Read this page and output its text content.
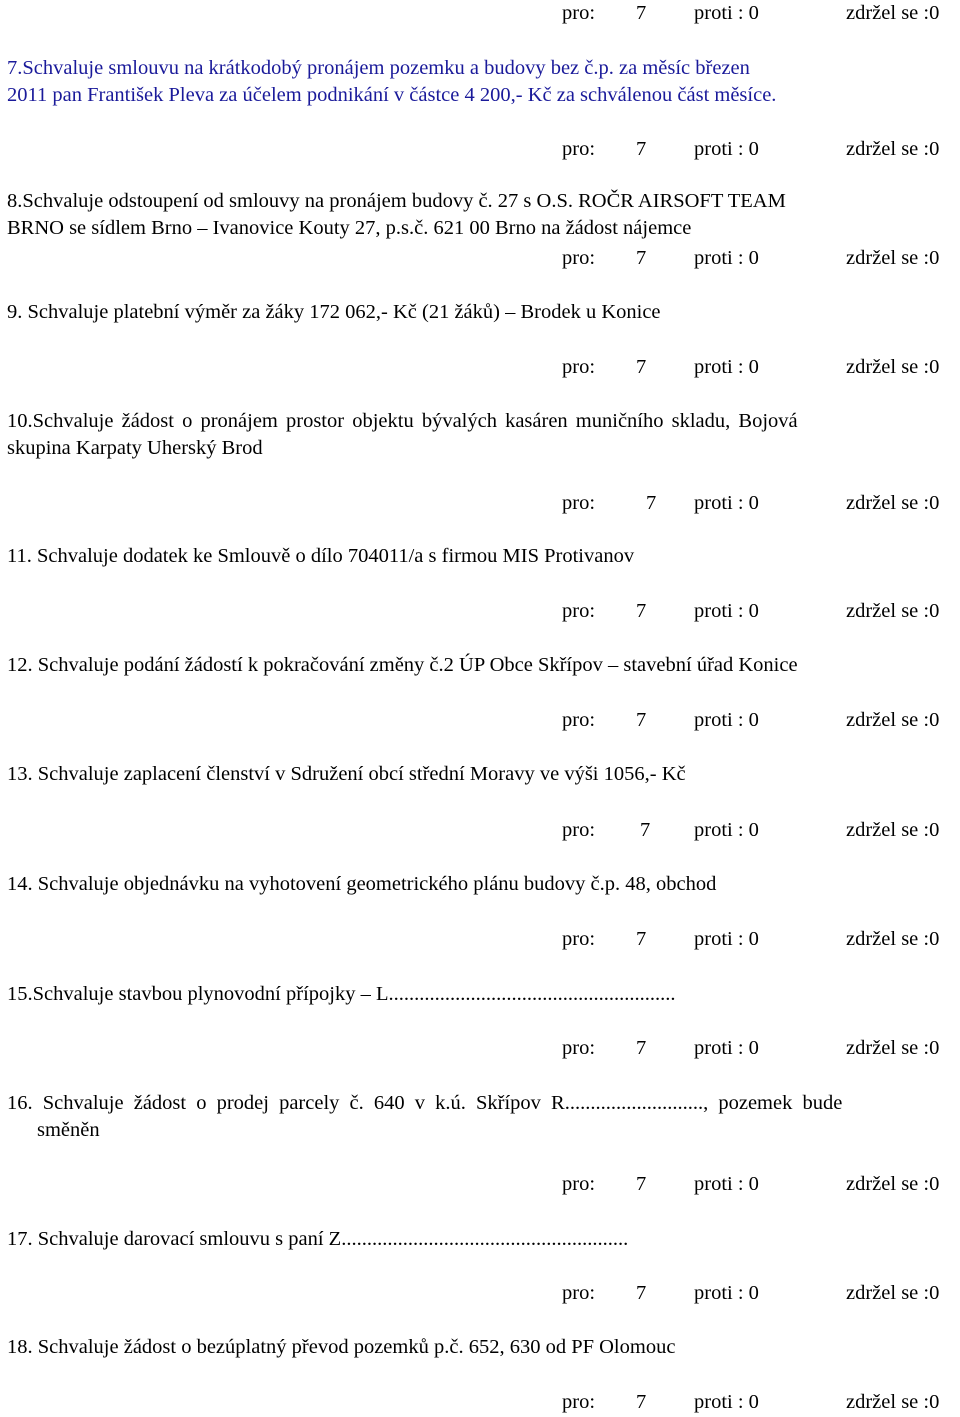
pro: 7 proti : 0	zdržel se :0
7.Schvaluje smlouvu na krátkodobý pronájem pozemku a budovy bez č.p. za měsíc březen
2011 pan František Pleva za účelem podnikání v částce 4 200,- Kč za schválenou část měsíce.
pro: 7 proti : 0	zdržel se :0
8.Schvaluje odstoupení od smlouvy na pronájem budovy č. 27 s O.S. ROČR AIRSOFT TEAM
BRNO se sídlem Brno – Ivanovice Kouty 27, p.s.č. 621 00 Brno na žádost nájemce
pro: 7 proti : 0	zdržel se :0
9. Schvaluje platební výměr za žáky 172 062,- Kč (21 žáků) – Brodek u Konice
pro: 7 proti : 0	zdržel se :0
10.Schvaluje žádost o pronájem prostor objektu bývalých kasáren muničního skladu, Bojová
skupina Karpaty Uherský Brod
pro: 7 proti : 0	zdržel se :0
11. Schvaluje dodatek ke Smlouvě o dílo 704011/a s firmou MIS Protivanov
pro: 7 proti : 0	zdržel se :0
12. Schvaluje podání žádostí k pokračování změny č.2 ÚP Obce Skřípov – stavební úřad Konice
pro: 7 proti : 0	zdržel se :0
13. Schvaluje zaplacení členství v Sdružení obcí střední Moravy ve výši 1056,- Kč
pro: 7 proti : 0	zdržel se :0
14. Schvaluje objednávku na vyhotovení geometrického plánu budovy č.p. 48, obchod
pro: 7 proti : 0	zdržel se :0
15.Schvaluje stavbou plynovodní přípojky – L........................................................
pro: 7 proti : 0	zdržel se :0
16. Schvaluje žádost o prodej parcely č. 640 v k.ú. Skřípov R..........................., pozemek bude
směněn
pro: 7 proti : 0	zdržel se :0
17. Schvaluje darovací smlouvu s paní Z........................................................
pro: 7 proti : 0	zdržel se :0
18. Schvaluje žádost o bezúplatný převod pozemků p.č. 652, 630 od PF Olomouc
pro: 7 proti : 0	zdržel se :0
